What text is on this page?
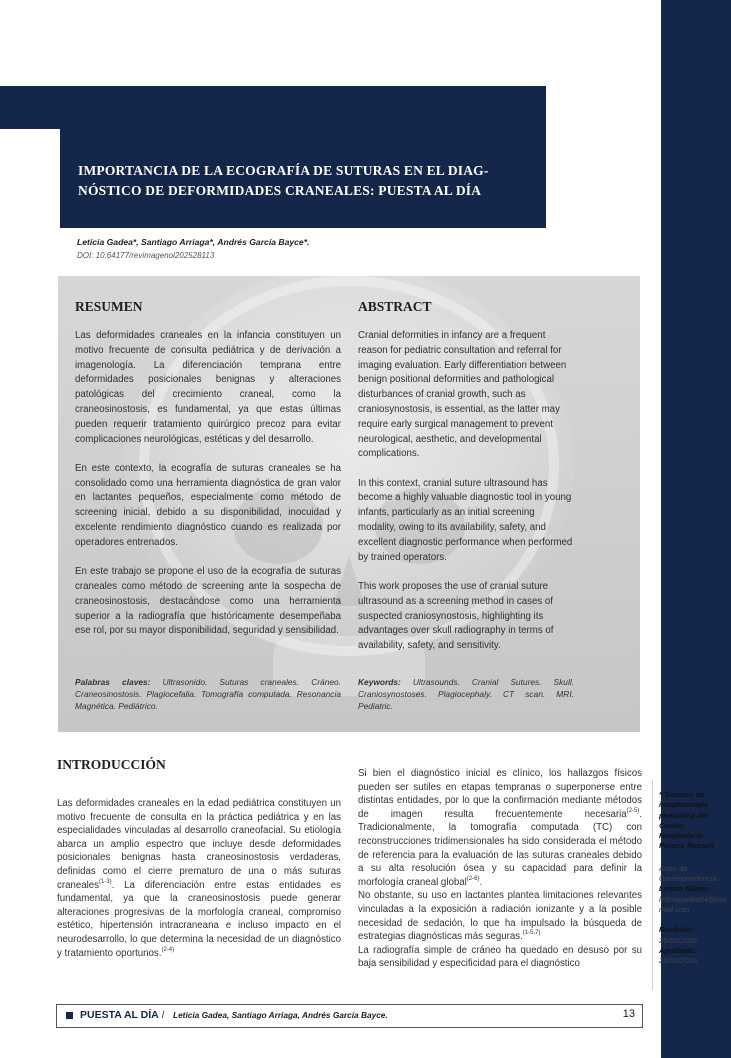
IMPORTANCIA DE LA ECOGRAFÍA DE SUTURAS EN EL DIAG-NÓSTICO DE DEFORMIDADES CRANEALES: PUESTA AL DÍA
Leticia Gadea*, Santiago Arriaga*, Andrés García Bayce*.
DOI: 10.64177/revimagenol202528113
RESUMEN

Las deformidades craneales en la infancia constituyen un motivo frecuente de consulta pediátrica y de derivación a imagenología. La diferenciación temprana entre deformidades posicionales benignas y alteraciones patológicas del crecimiento craneal, como la craneosinostosis, es fundamental, ya que estas últimas pueden requerir tratamiento quirúrgico precoz para evitar complicaciones neurológicas, estéticas y del desarrollo.

En este contexto, la ecografía de suturas craneales se ha consolidado como una herramienta diagnóstica de gran valor en lactantes pequeños, especialmente como método de screening inicial, debido a su disponibilidad, inocuidad y excelente rendimiento diagnóstico cuando es realizada por operadores entrenados.

En este trabajo se propone el uso de la ecografía de suturas craneales como método de screening ante la sospecha de craneosinostosis, destacándose como una herramienta superior a la radiografía que históricamente desempeñaba ese rol, por su mayor disponibilidad, seguridad y sensibilidad.

Palabras claves: Ultrasonido. Suturas craneales. Cráneo. Craneosinostosis. Plagiocefalia. Tomografía computada. Resonancia Magnética. Pediátrico.
ABSTRACT

Cranial deformities in infancy are a frequent reason for pediatric consultation and referral for imaging evaluation. Early differentiation between benign positional deformities and pathological disturbances of cranial growth, such as craniosynostosis, is essential, as the latter may require early surgical management to prevent neurological, aesthetic, and developmental complications.

In this context, cranial suture ultrasound has become a highly valuable diagnostic tool in young infants, particularly as an initial screening modality, owing to its availability, safety, and excellent diagnostic performance when performed by trained operators.

This work proposes the use of cranial suture ultrasound as a screening method in cases of suspected craniosynostosis, highlighting its advantages over skull radiography in terms of availability, safety, and sensitivity.

Keywords: Ultrasounds. Cranial Sutures. Skull. Craniosynostoses. Plagiocephaly. CT scan. MRI. Pediatric.
INTRODUCCIÓN

Las deformidades craneales en la edad pediátrica constituyen un motivo frecuente de consulta en la práctica pediátrica y en las especialidades vinculadas al desarrollo craneofacial. Su etiología abarca un amplio espectro que incluye desde deformidades posicionales benignas hasta craneosinostosis verdaderas, definidas como el cierre prematuro de una o más suturas craneales$^{(1-3)}$. La diferenciación entre estas entidades es fundamental, ya que la craneosinostosis puede generar alteraciones progresivas de la morfología craneal, compromiso estético, hipertensión intracraneana e incluso impacto en el neurodesarrollo, lo que determina la necesidad de un diagnóstico y tratamiento oportunos.$^{(2-4)}$

Si bien el diagnóstico inicial es clínico, los hallazgos físicos pueden ser sutiles en etapas tempranas o superponerse entre distintas entidades, por lo que la confirmación mediante métodos de imagen resulta frecuentemente necesaria$^{(2-5)}$. Tradicionalmente, la tomografía computada (TC) con reconstrucciones tridimensionales ha sido considerada el método de referencia para la evaluación de las suturas craneales debido a su alta resolución ósea y su capacidad para definir la morfología craneal global$^{(2-6)}$.

No obstante, su uso en lactantes plantea limitaciones relevantes vinculadas a la exposición a radiación ionizante y a la posible necesidad de sedación, lo que ha impulsado la búsqueda de estrategias diagnósticas más seguras.$^{(1-5,7)}$

La radiografía simple de cráneo ha quedado en desuso por su baja sensibilidad y especificidad para el diagnóstico

* Servicio de imagenología pediátrica del Centro Hospitalario Pereira Rossell
Autor de Correspondencia
Leticia Gadea
leticiagadea04@hotmail.com
Recibido:
25/02/2026
Aprobado:
26/03/2026
PUESTA AL DÍA / Leticia Gadea, Santiago Arriaga, Andrés García Bayce.	13
